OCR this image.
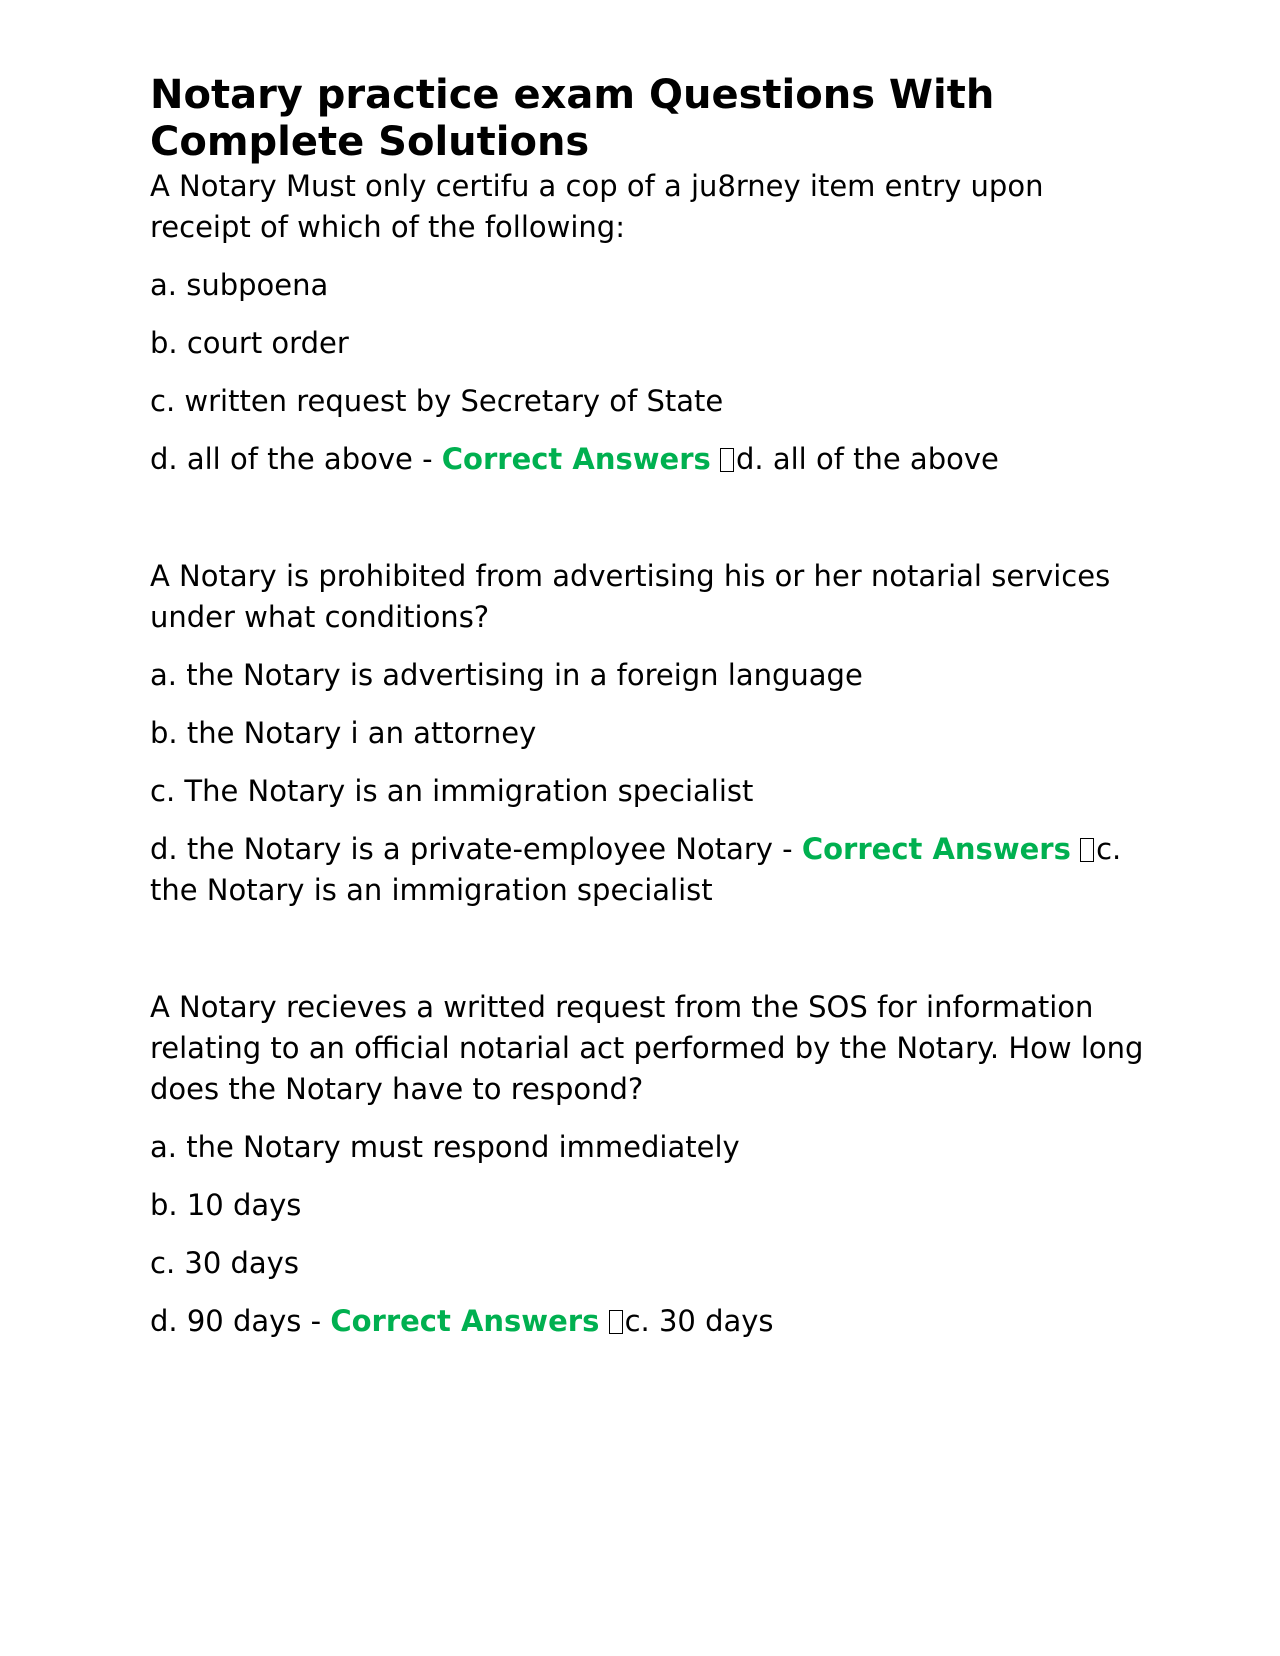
Notary practice exam Questions With Complete Solutions

A Notary Must only certifu a cop of a ju8rney item entry upon receipt of which of the following:

a. subpoena

b. court order

c. written request by Secretary of State

d. all of the above - Correct Answers d. all of the above

A Notary is prohibited from advertising his or her notarial services under what conditions?

a. the Notary is advertising in a foreign language

b. the Notary i an attorney

c. The Notary is an immigration specialist

d. the Notary is a private-employee Notary - Correct Answers c. the Notary is an immigration specialist

A Notary recieves a writted request from the SOS for information relating to an official notarial act performed by the Notary. How long does the Notary have to respond?

a. the Notary must respond immediately

b. 10 days

c. 30 days

d. 90 days - Correct Answers c. 30 days
